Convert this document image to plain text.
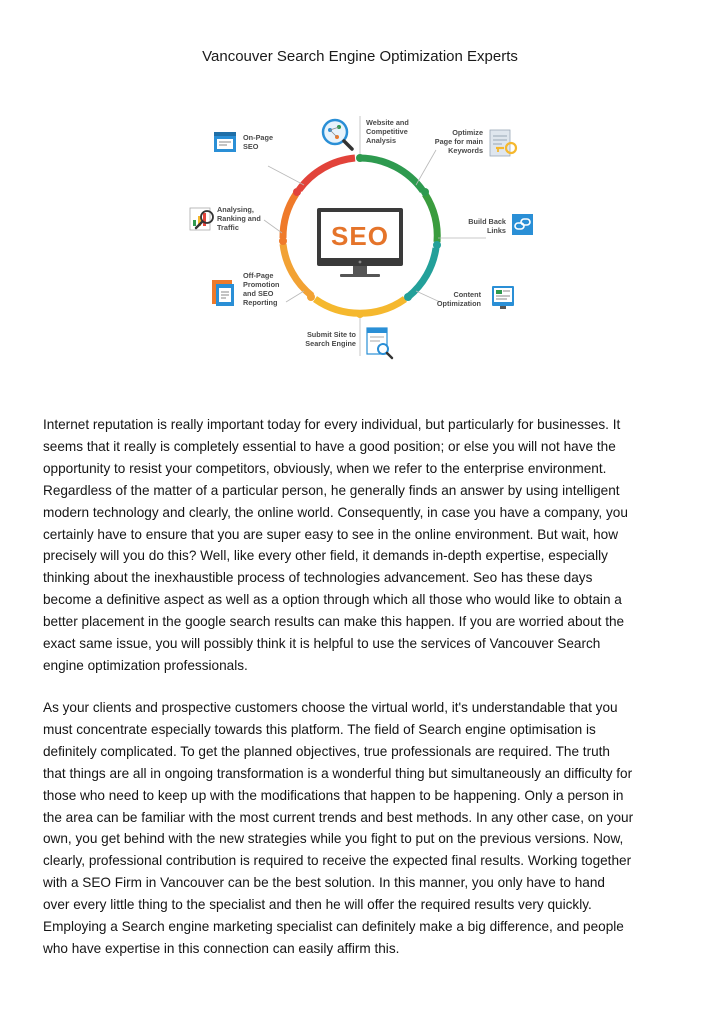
Vancouver Search Engine Optimization Experts
SEO
Website and
Competitive
Analysis
Optimize
Page for main
Keywords
Build Back
Links
Content
Optimization
Submit Site to
Search Engine
Off-Page
Promotion
and SEO
Reporting
Analysing,
Ranking and
Traffic
On-Page
SEO
Internet reputation is really important today for every individual, but particularly for businesses. It
seems that it really is completely essential to have a good position; or else you will not have the
opportunity to resist your competitors, obviously, when we refer to the enterprise environment.
Regardless of the matter of a particular person, he generally finds an answer by using intelligent
modern technology and clearly, the online world. Consequently, in case you have a company, you
certainly have to ensure that you are super easy to see in the online environment. But wait, how
precisely will you do this? Well, like every other field, it demands in-depth expertise, especially
thinking about the inexhaustible process of technologies advancement. Seo has these days
become a definitive aspect as well as a option through which all those who would like to obtain a
better placement in the google search results can make this happen. If you are worried about the
exact same issue, you will possibly think it is helpful to use the services of Vancouver Search
engine optimization professionals.
As your clients and prospective customers choose the virtual world, it's understandable that you
must concentrate especially towards this platform. The field of Search engine optimisation is
definitely complicated. To get the planned objectives, true professionals are required. The truth
that things are all in ongoing transformation is a wonderful thing but simultaneously an difficulty for
those who need to keep up with the modifications that happen to be happening. Only a person in
the area can be familiar with the most current trends and best methods. In any other case, on your
own, you get behind with the new strategies while you fight to put on the previous versions. Now,
clearly, professional contribution is required to receive the expected final results. Working together
with a SEO Firm in Vancouver can be the best solution. In this manner, you only have to hand
over every little thing to the specialist and then he will offer the required results very quickly.
Employing a Search engine marketing specialist can definitely make a big difference, and people
who have expertise in this connection can easily affirm this.
